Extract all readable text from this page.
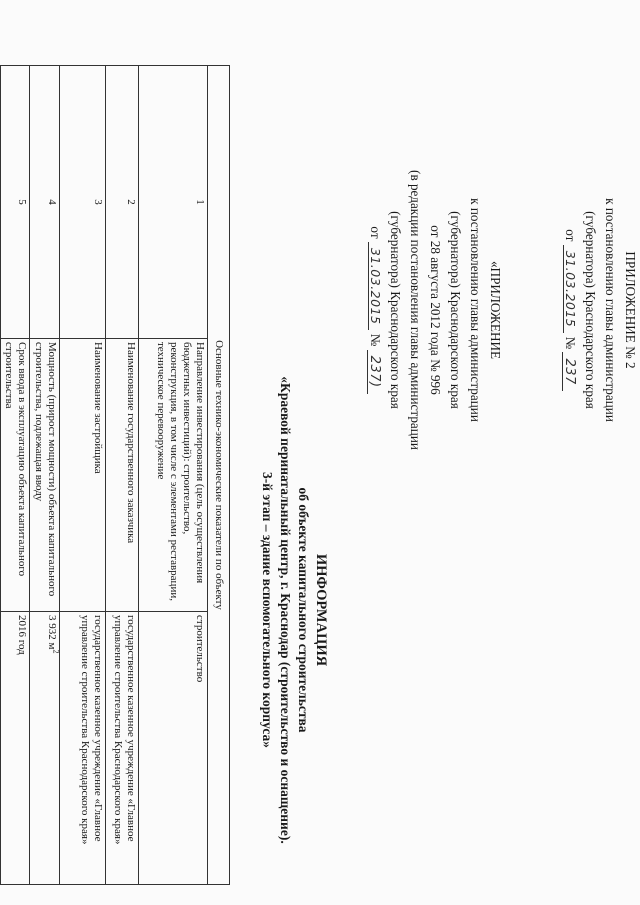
ПРИЛОЖЕНИЕ № 2
к постановлению главы администрации
(губернатора) Краснодарского края
от 31.03.2015 № 237
«ПРИЛОЖЕНИЕ
к постановлению главы администрации
(губернатора) Краснодарского края
от 28 августа 2012 года № 996
(в редакции постановления главы администрации
(губернатора) Краснодарского края
от 31.03.2015 № 237)
ИНФОРМАЦИЯ
об объекте капитального строительства
«Краевой перинатальный центр, г. Краснодар (строительство и оснащение).
3-й этап – здание вспомогательного корпуса»
Основные технико-экономические показатели по объекту		
1	Направление инвестирования (цель осуществления бюджетных инвестиций): строительство, реконструкция, в том числе с элементами реставрации, техническое перевооружение	строительство
2	Наименование государственного заказчика	государственное казенное учреждение «Главное управление строительства Краснодарского края»
3	Наименование застройщика	государственное казенное учреждение «Главное управление строительства Краснодарского края»
4	Мощность (прирост мощности) объекта капитального строительства, подлежащая вводу	3 932 $м^2$
5	Срок ввода в эксплуатацию объекта капитального строительства	2016 год
